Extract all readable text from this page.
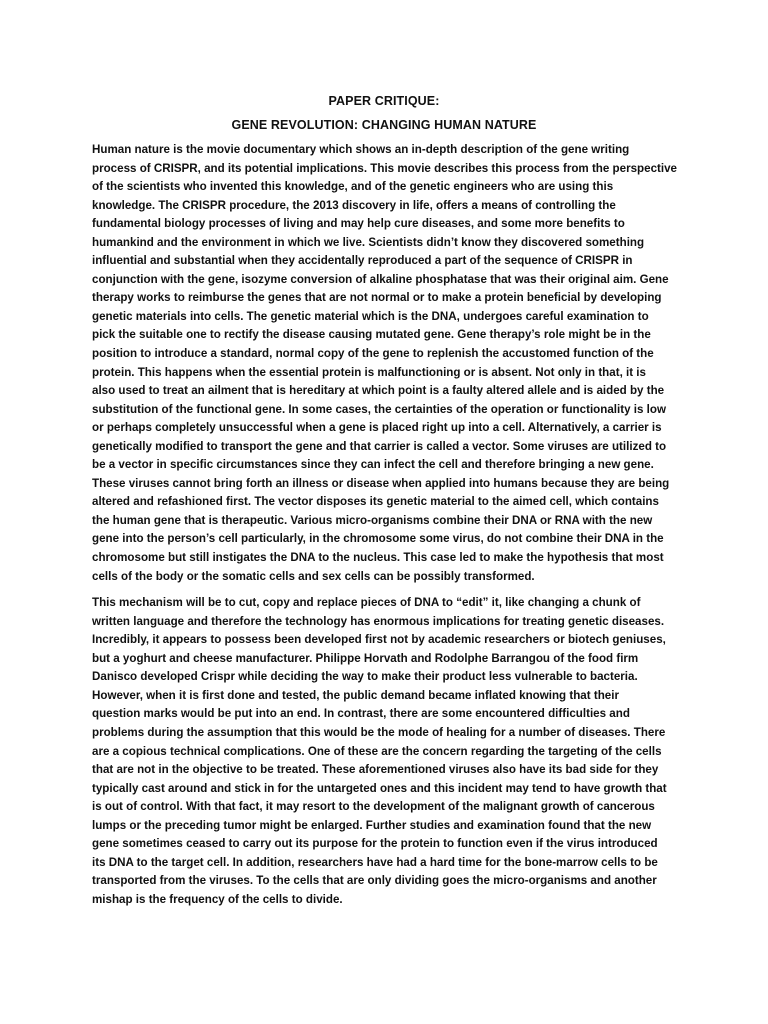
PAPER CRITIQUE:

GENE REVOLUTION: CHANGING HUMAN NATURE

Human nature is the movie documentary which shows an in-depth description of the gene writing
process of CRISPR, and its potential implications. This movie describes this process from the perspective
of the scientists who invented this knowledge, and of the genetic engineers who are using this
knowledge. The CRISPR procedure, the 2013 discovery in life, offers a means of controlling the
fundamental biology processes of living and may help cure diseases, and some more benefits to
humankind and the environment in which we live. Scientists didn’t know they discovered something
influential and substantial when they accidentally reproduced a part of the sequence of CRISPR in
conjunction with the gene, isozyme conversion of alkaline phosphatase that was their original aim. Gene
therapy works to reimburse the genes that are not normal or to make a protein beneficial by developing
genetic materials into cells. The genetic material which is the DNA, undergoes careful examination to
pick the suitable one to rectify the disease causing mutated gene. Gene therapy’s role might be in the
position to introduce a standard, normal copy of the gene to replenish the accustomed function of the
protein. This happens when the essential protein is malfunctioning or is absent. Not only in that, it is
also used to treat an ailment that is hereditary at which point is a faulty altered allele and is aided by the
substitution of the functional gene. In some cases, the certainties of the operation or functionality is low
or perhaps completely unsuccessful when a gene is placed right up into a cell. Alternatively, a carrier is
genetically modified to transport the gene and that carrier is called a vector. Some viruses are utilized to
be a vector in specific circumstances since they can infect the cell and therefore bringing a new gene.
These viruses cannot bring forth an illness or disease when applied into humans because they are being
altered and refashioned first. The vector disposes its genetic material to the aimed cell, which contains
the human gene that is therapeutic. Various micro-organisms combine their DNA or RNA with the new
gene into the person’s cell particularly, in the chromosome some virus, do not combine their DNA in the
chromosome but still instigates the DNA to the nucleus. This case led to make the hypothesis that most
cells of the body or the somatic cells and sex cells can be possibly transformed.

This mechanism will be to cut, copy and replace pieces of DNA to “edit” it, like changing a chunk of
written language and therefore the technology has enormous implications for treating genetic diseases.
Incredibly, it appears to possess been developed first not by academic researchers or biotech geniuses,
but a yoghurt and cheese manufacturer. Philippe Horvath and Rodolphe Barrangou of the food firm
Danisco developed Crispr while deciding the way to make their product less vulnerable to bacteria.
However, when it is first done and tested, the public demand became inflated knowing that their
question marks would be put into an end. In contrast, there are some encountered difficulties and
problems during the assumption that this would be the mode of healing for a number of diseases. There
are a copious technical complications. One of these are the concern regarding the targeting of the cells
that are not in the objective to be treated. These aforementioned viruses also have its bad side for they
typically cast around and stick in for the untargeted ones and this incident may tend to have growth that
is out of control. With that fact, it may resort to the development of the malignant growth of cancerous
lumps or the preceding tumor might be enlarged. Further studies and examination found that the new
gene sometimes ceased to carry out its purpose for the protein to function even if the virus introduced
its DNA to the target cell. In addition, researchers have had a hard time for the bone-marrow cells to be
transported from the viruses. To the cells that are only dividing goes the micro-organisms and another
mishap is the frequency of the cells to divide.
